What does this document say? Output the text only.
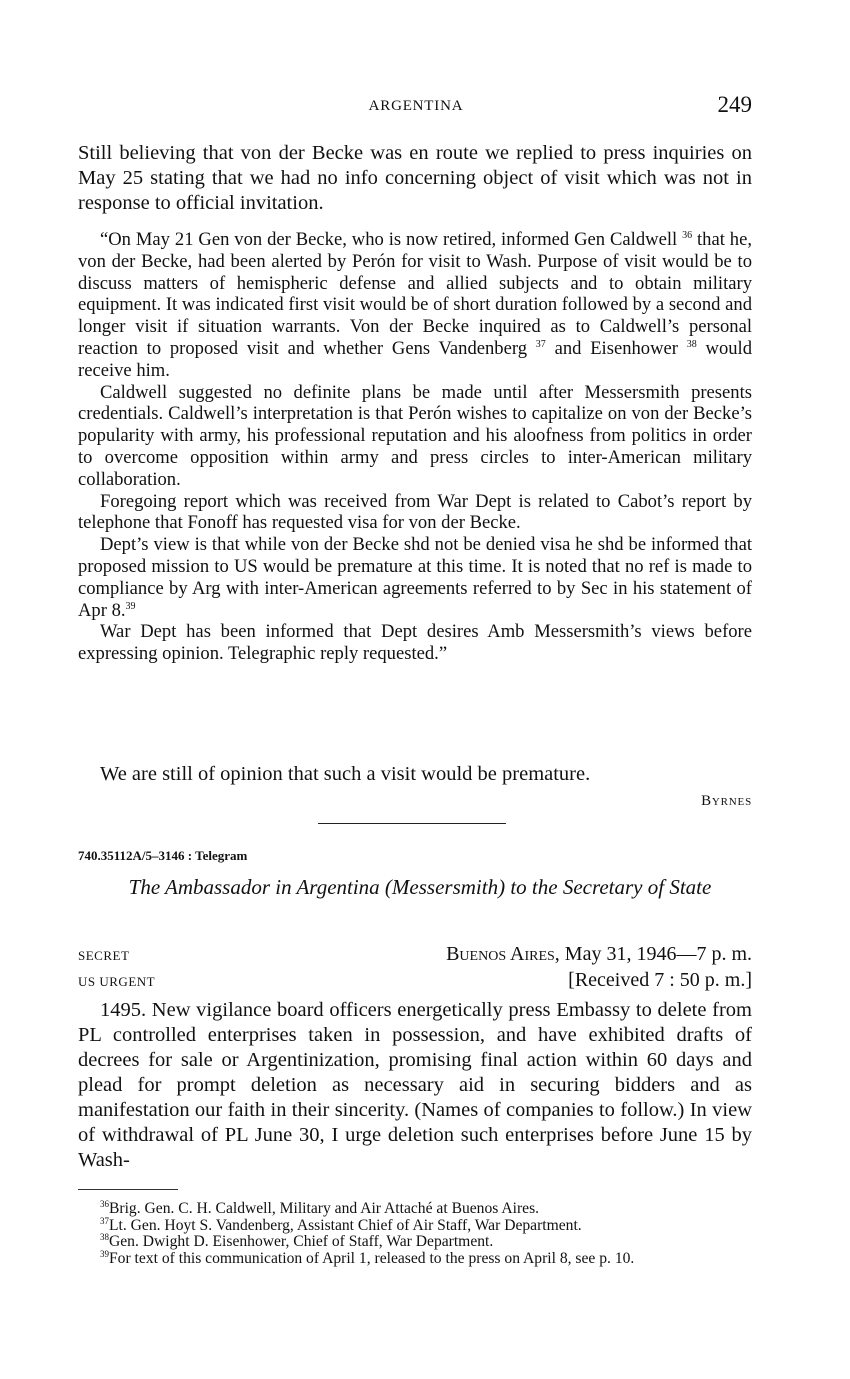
ARGENTINA	249

Still believing that von der Becke was en route we replied to press inquiries on May 25 stating that we had no info concerning object of visit which was not in response to official invitation.

“On May 21 Gen von der Becke, who is now retired, informed Gen Caldwell $^{36}$ that he, von der Becke, had been alerted by Perón for visit to Wash. Purpose of visit would be to discuss matters of hemispheric defense and allied subjects and to obtain military equipment. It was indicated first visit would be of short duration followed by a second and longer visit if situation warrants. Von der Becke inquired as to Caldwell’s personal reaction to proposed visit and whether Gens Vandenberg $^{37}$ and Eisenhower $^{38}$ would receive him.

Caldwell suggested no definite plans be made until after Messersmith presents credentials. Caldwell’s interpretation is that Perón wishes to capitalize on von der Becke’s popularity with army, his professional reputation and his aloofness from politics in order to overcome opposition within army and press circles to inter-American military collaboration.

Foregoing report which was received from War Dept is related to Cabot’s report by telephone that Fonoff has requested visa for von der Becke.

Dept’s view is that while von der Becke shd not be denied visa he shd be informed that proposed mission to US would be premature at this time. It is noted that no ref is made to compliance by Arg with inter-American agreements referred to by Sec in his statement of Apr 8.39

War Dept has been informed that Dept desires Amb Messersmith’s views before expressing opinion. Telegraphic reply requested.”

We are still of opinion that such a visit would be premature.

Byrnes
740.35112A/5–3146 : Telegram
The Ambassador in Argentina (Messersmith) to the Secretary of State
SECRET	Buenos Aires, May 31, 1946—7 p. m.
US URGENT	[Received 7 : 50 p. m.]

1495. New vigilance board officers energetically press Embassy to delete from PL controlled enterprises taken in possession, and have exhibited drafts of decrees for sale or Argentinization, promising final action within 60 days and plead for prompt deletion as necessary aid in securing bidders and as manifestation our faith in their sincerity. (Names of companies to follow.) In view of withdrawal of PL June 30, I urge deletion such enterprises before June 15 by Wash-

$^{36}$Brig. Gen. C. H. Caldwell, Military and Air Attaché at Buenos Aires.

$^{37}$Lt. Gen. Hoyt S. Vandenberg, Assistant Chief of Air Staff, War Department.

$^{38}$Gen. Dwight D. Eisenhower, Chief of Staff, War Department.

$^{39}$For text of this communication of April 1, released to the press on April 8, see p. 10.
